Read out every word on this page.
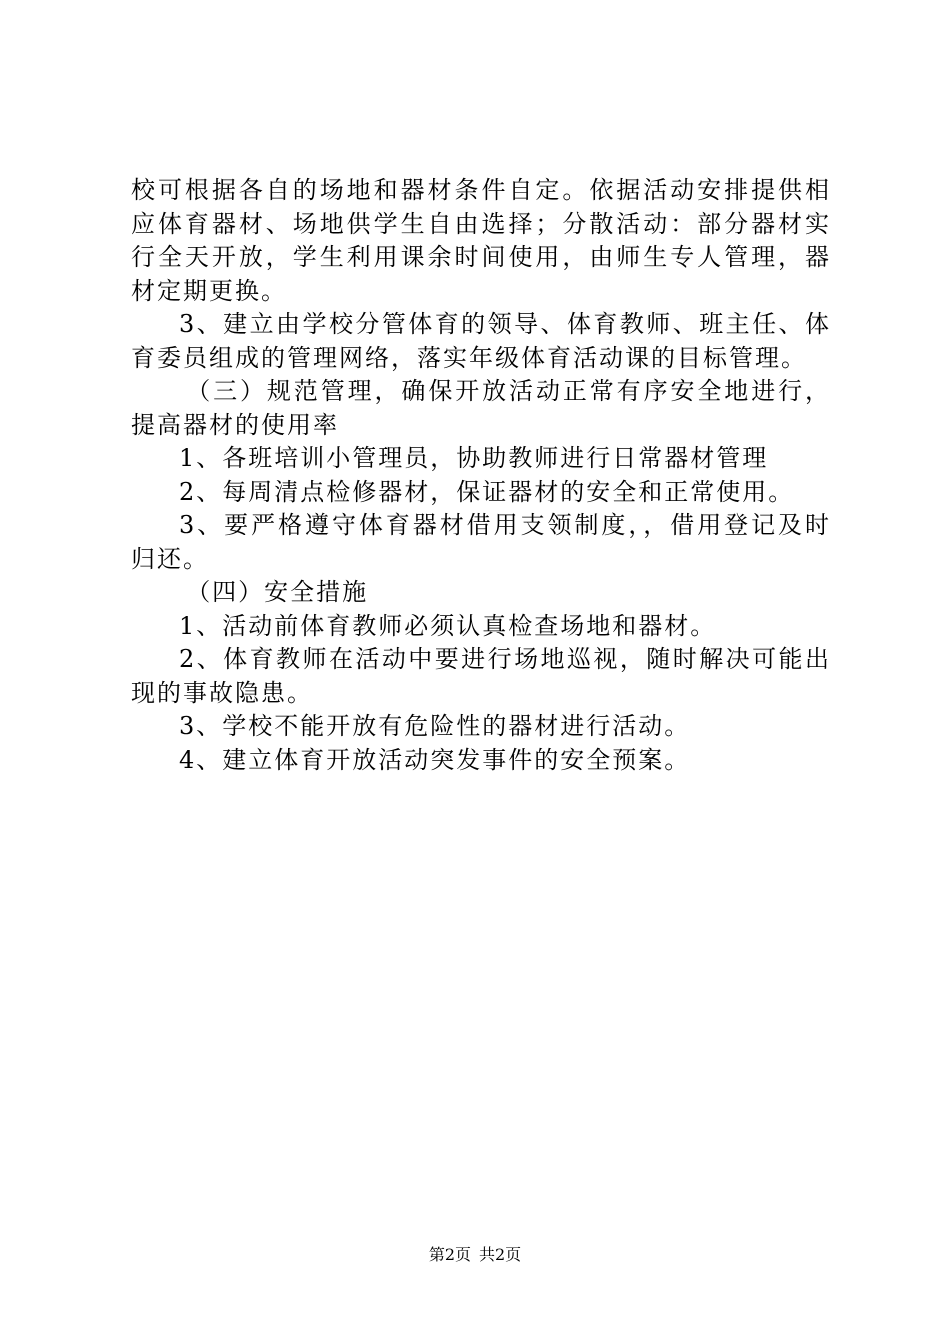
校可根据各自的场地和器材条件自定。依据活动安排提供相应体育器材、场地供学生自由选择；分散活动：部分器材实行全天开放，学生利用课余时间使用，由师生专人管理，器材定期更换。

3、建立由学校分管体育的领导、体育教师、班主任、体育委员组成的管理网络，落实年级体育活动课的目标管理。

（三）规范管理，确保开放活动正常有序安全地进行，提高器材的使用率

1、各班培训小管理员，协助教师进行日常器材管理

2、每周清点检修器材，保证器材的安全和正常使用。

3、要严格遵守体育器材借用支领制度，，借用登记及时归还。

（四）安全措施

1、活动前体育教师必须认真检查场地和器材。

2、体育教师在活动中要进行场地巡视，随时解决可能出现的事故隐患。

3、学校不能开放有危险性的器材进行活动。

4、建立体育开放活动突发事件的安全预案。

第2页 共2页
